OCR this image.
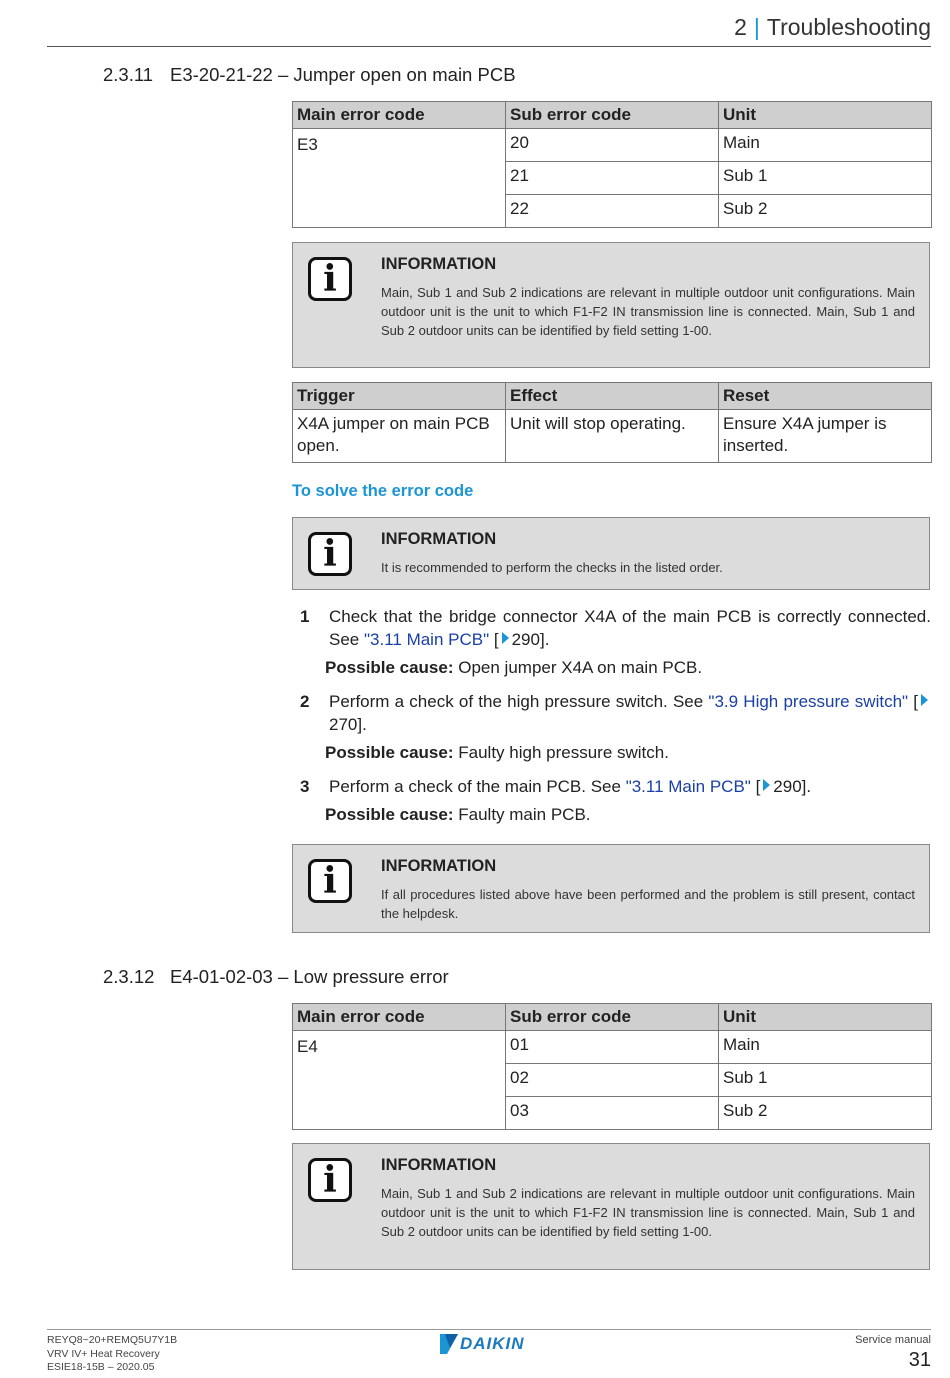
2 | Troubleshooting
2.3.11 E3-20-21-22 – Jumper open on main PCB
Main error code	Sub error code	Unit
E3	20	Main
	21	Sub 1
	22	Sub 2
i	INFORMATION
Main, Sub 1 and Sub 2 indications are relevant in multiple outdoor unit configurations. Main outdoor unit is the unit to which F1-F2 IN transmission line is connected. Main, Sub 1 and Sub 2 outdoor units can be identified by field setting 1-00.
Trigger	Effect	Reset
X4A jumper on main PCB open.	Unit will stop operating.	Ensure X4A jumper is inserted.
To solve the error code
i	INFORMATION
It is recommended to perform the checks in the listed order.
1 Check that the bridge connector X4A of the main PCB is correctly connected. See "3.11 Main PCB" [ 290].
Possible cause: Open jumper X4A on main PCB.
2 Perform a check of the high pressure switch. See "3.9 High pressure switch" [270].
Possible cause: Faulty high pressure switch.
3 Perform a check of the main PCB. See "3.11 Main PCB" [ 290].
Possible cause: Faulty main PCB.
i	INFORMATION
If all procedures listed above have been performed and the problem is still present, contact the helpdesk.
2.3.12 E4-01-02-03 – Low pressure error
Main error code	Sub error code	Unit
E4	01	Main
	02	Sub 1
	03	Sub 2
i	INFORMATION
Main, Sub 1 and Sub 2 indications are relevant in multiple outdoor unit configurations. Main outdoor unit is the unit to which F1-F2 IN transmission line is connected. Main, Sub 1 and Sub 2 outdoor units can be identified by field setting 1-00.
REYQ8~20+REMQ5U7Y1B
VRV IV+ Heat Recovery
ESIE18-15B – 2020.05
DAIKIN	Service manual
31
